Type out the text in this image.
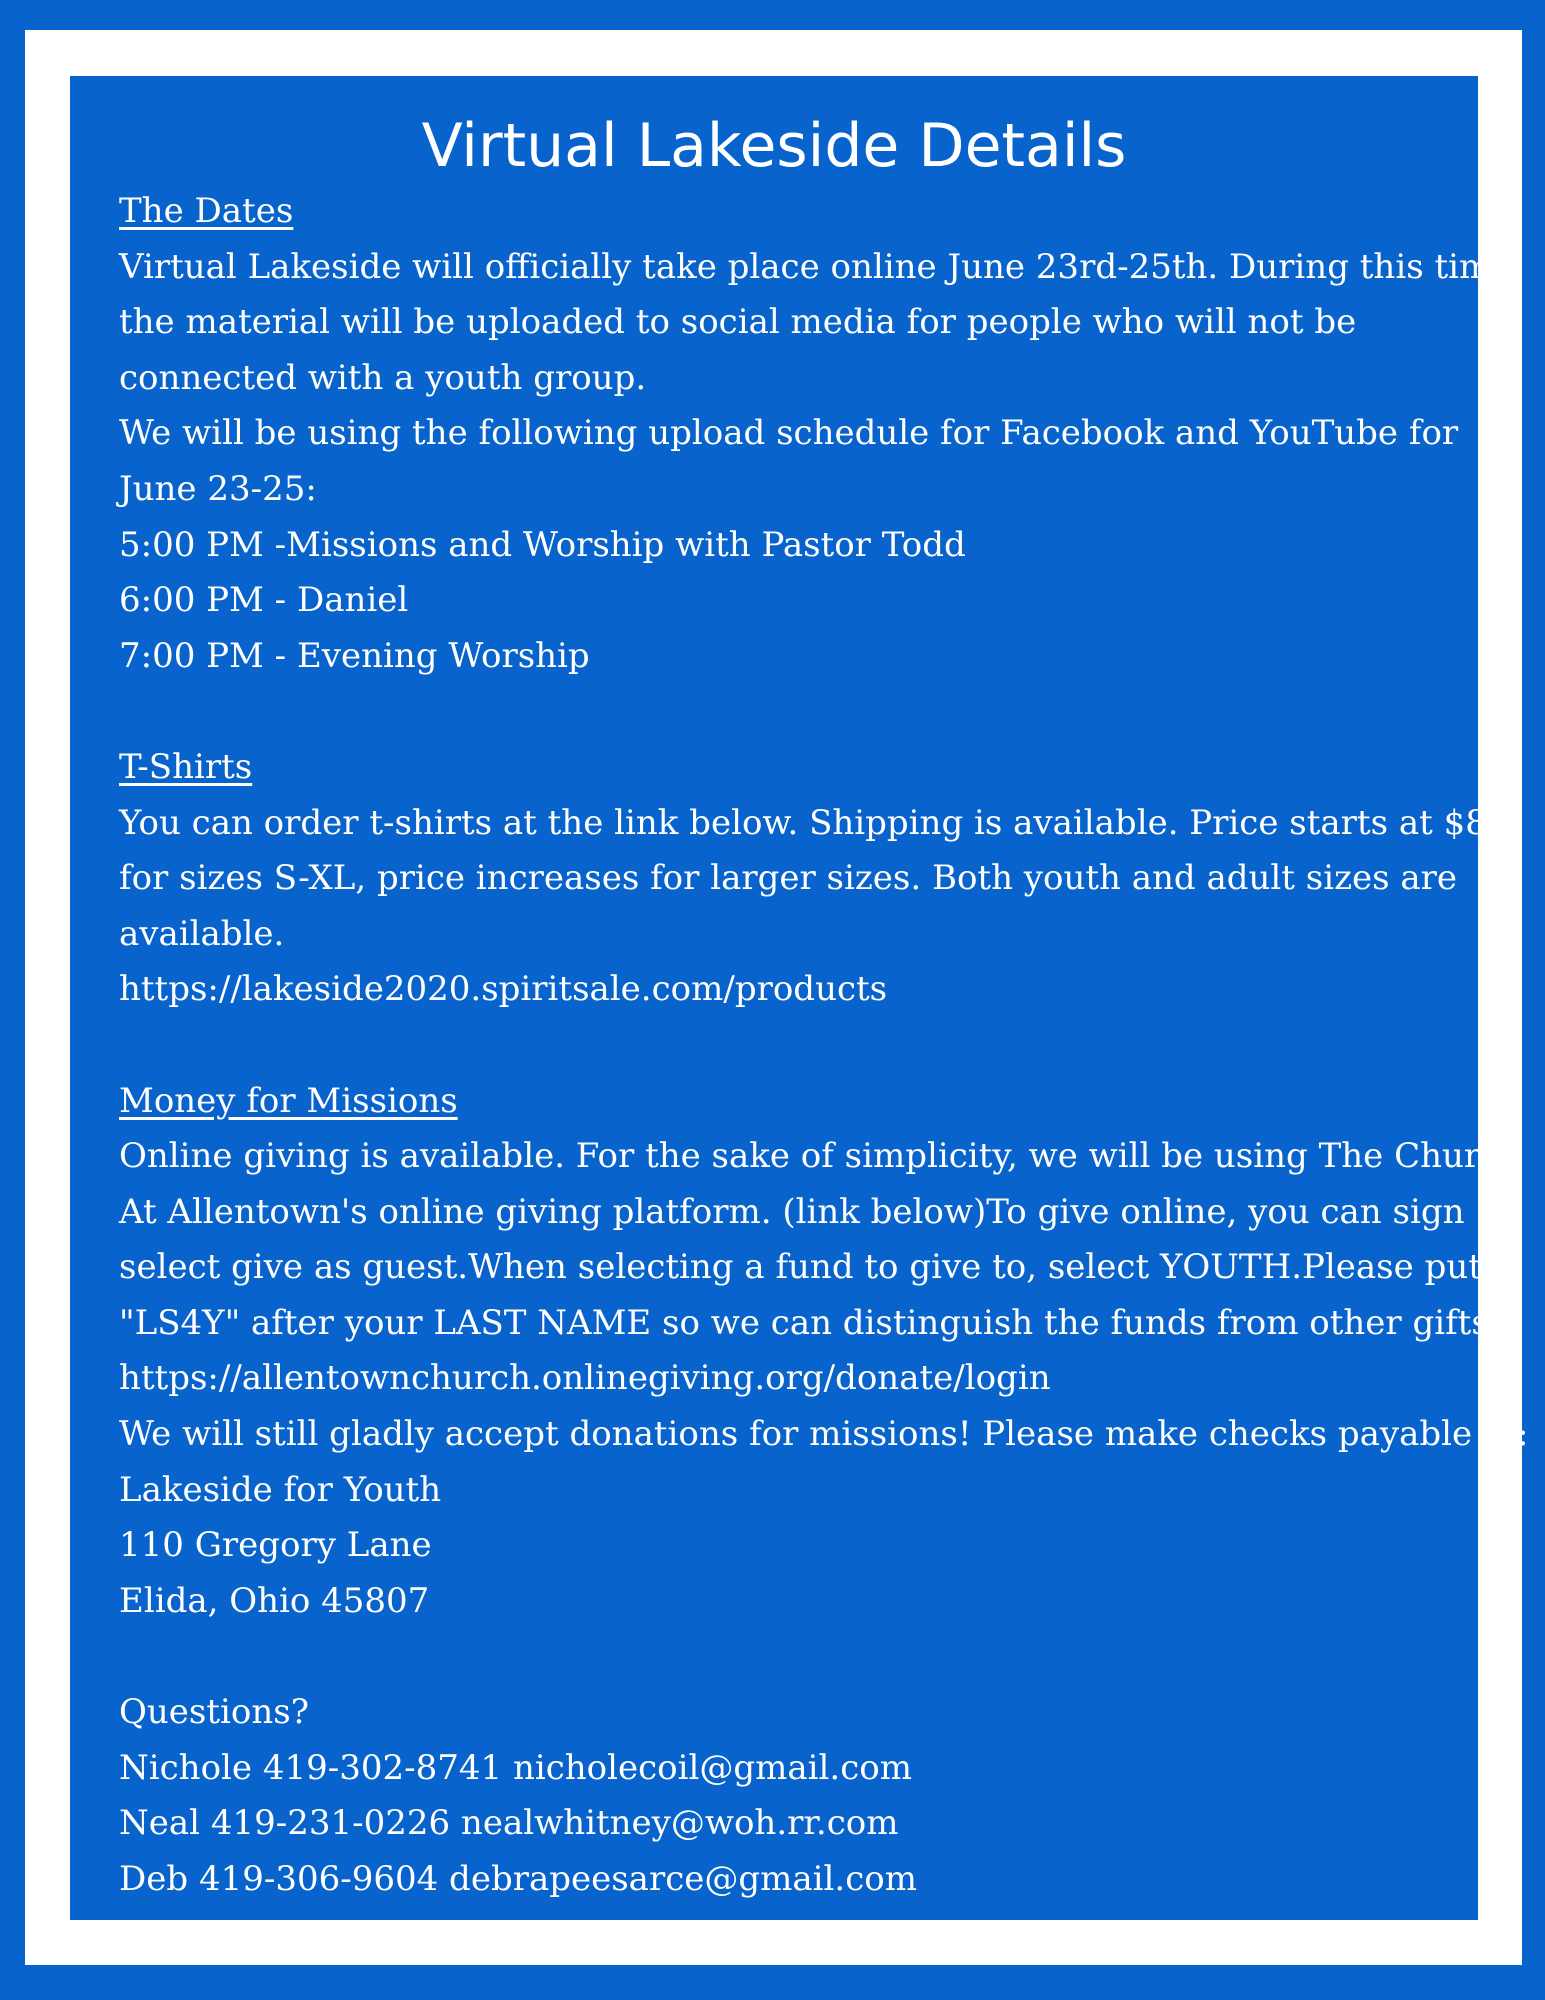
Virtual Lakeside Details
The Dates
Virtual Lakeside will officially take place online June 23rd-25th. During this time,
the material will be uploaded to social media for people who will not be
connected with a youth group.
We will be using the following upload schedule for Facebook and YouTube for
June 23-25:
5:00 PM -Missions and Worship with Pastor Todd
6:00 PM - Daniel
7:00 PM - Evening Worship
T-Shirts
You can order t-shirts at the link below. Shipping is available. Price starts at $8
for sizes S-XL, price increases for larger sizes. Both youth and adult sizes are
available.
https://lakeside2020.spiritsale.com/products
Money for Missions
Online giving is available. For the sake of simplicity, we will be using The Church
At Allentown's online giving platform. (link below)To give online, you can sign
select give as guest.When selecting a fund to give to, select YOUTH.Please put
"LS4Y" after your LAST NAME so we can distinguish the funds from other gifts.
https://allentownchurch.onlinegiving.org/donate/login
We will still gladly accept donations for missions! Please make checks payable to:
Lakeside for Youth
110 Gregory Lane
Elida, Ohio 45807
Questions?
Nichole 419-302-8741 nicholecoil@gmail.com
Neal 419-231-0226 nealwhitney@woh.rr.com
Deb 419-306-9604 debrapeesarce@gmail.com
